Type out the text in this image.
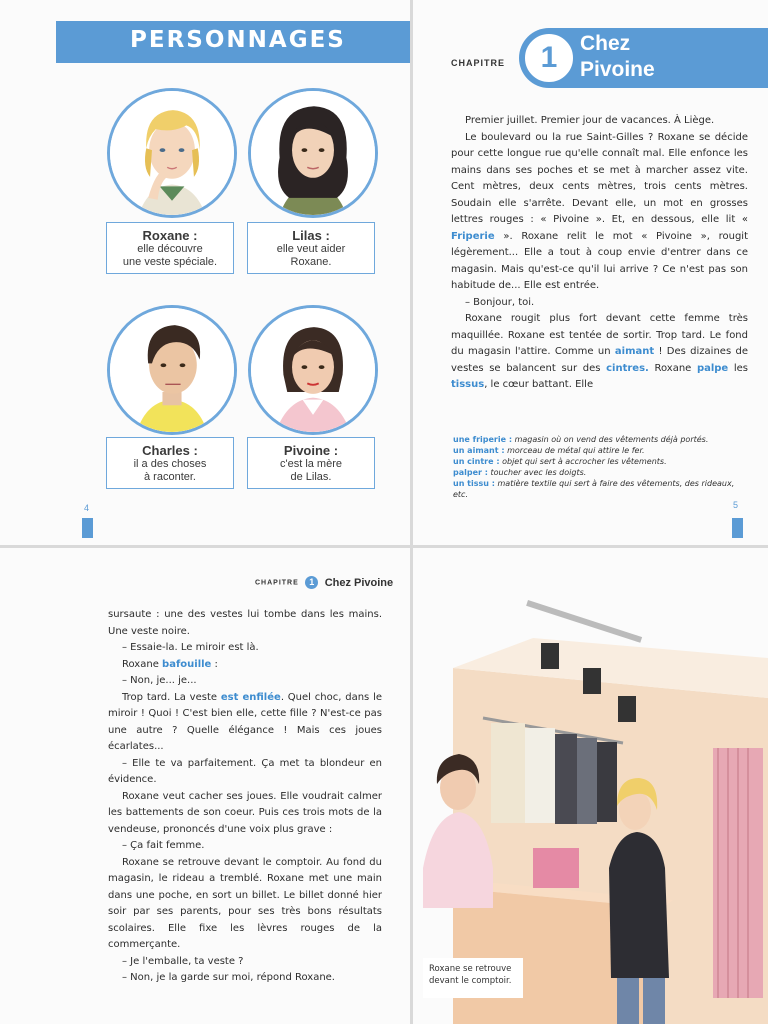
PERSONNAGES
Roxane :
elle découvre
une veste spéciale.
Lilas :
elle veut aider
Roxane.
Charles :
il a des choses
à raconter.
Pivoine :
c'est la mère
de Lilas.
4
CHAPITRE	1	Chez
Pivoine

Premier juillet. Premier jour de vacances. À Liège.

Le boulevard ou la rue Saint-Gilles ? Roxane se décide pour cette longue rue qu'elle connaît mal. Elle enfonce les mains dans ses poches et se met à marcher assez vite. Cent mètres, deux cents mètres, trois cents mètres. Soudain elle s'arrête. Devant elle, un mot en grosses lettres rouges : « Pivoine ». Et, en dessous, elle lit « Friperie ». Roxane relit le mot « Pivoine », rougit légèrement... Elle a tout à coup envie d'entrer dans ce magasin. Mais qu'est-ce qu'il lui arrive ? Ce n'est pas son habitude de... Elle est entrée.

– Bonjour, toi.

Roxane rougit plus fort devant cette femme très maquillée. Roxane est tentée de sortir. Trop tard. Le fond du magasin l'attire. Comme un aimant ! Des dizaines de vestes se balancent sur des cintres. Roxane palpe les tissus, le cœur battant. Elle

une friperie : magasin où on vend des vêtements déjà portés.
un aimant : morceau de métal qui attire le fer.
un cintre : objet qui sert à accrocher les vêtements.
palper : toucher avec les doigts.
un tissu : matière textile qui sert à faire des vêtements, des rideaux, etc.
5
CHAPITRE 1 Chez Pivoine
sursaute : une des vestes lui tombe dans les mains. Une veste noire.

– Essaie-la. Le miroir est là.

Roxane bafouille :

– Non, je... je...

Trop tard. La veste est enfilée. Quel choc, dans le miroir ! Quoi ! C'est bien elle, cette fille ? N'est-ce pas une autre ? Quelle élégance ! Mais ces joues écarlates...

– Elle te va parfaitement. Ça met ta blondeur en évidence.

Roxane veut cacher ses joues. Elle voudrait calmer les battements de son coeur. Puis ces trois mots de la vendeuse, prononcés d'une voix plus grave :

– Ça fait femme.

Roxane se retrouve devant le comptoir. Au fond du magasin, le rideau a tremblé. Roxane met une main dans une poche, en sort un billet. Le billet donné hier soir par ses parents, pour ses très bons résultats scolaires. Elle fixe les lèvres rouges de la commerçante.

– Je l'emballe, ta veste ?

– Non, je la garde sur moi, répond Roxane.

Roxane se retrouve devant le comptoir.
